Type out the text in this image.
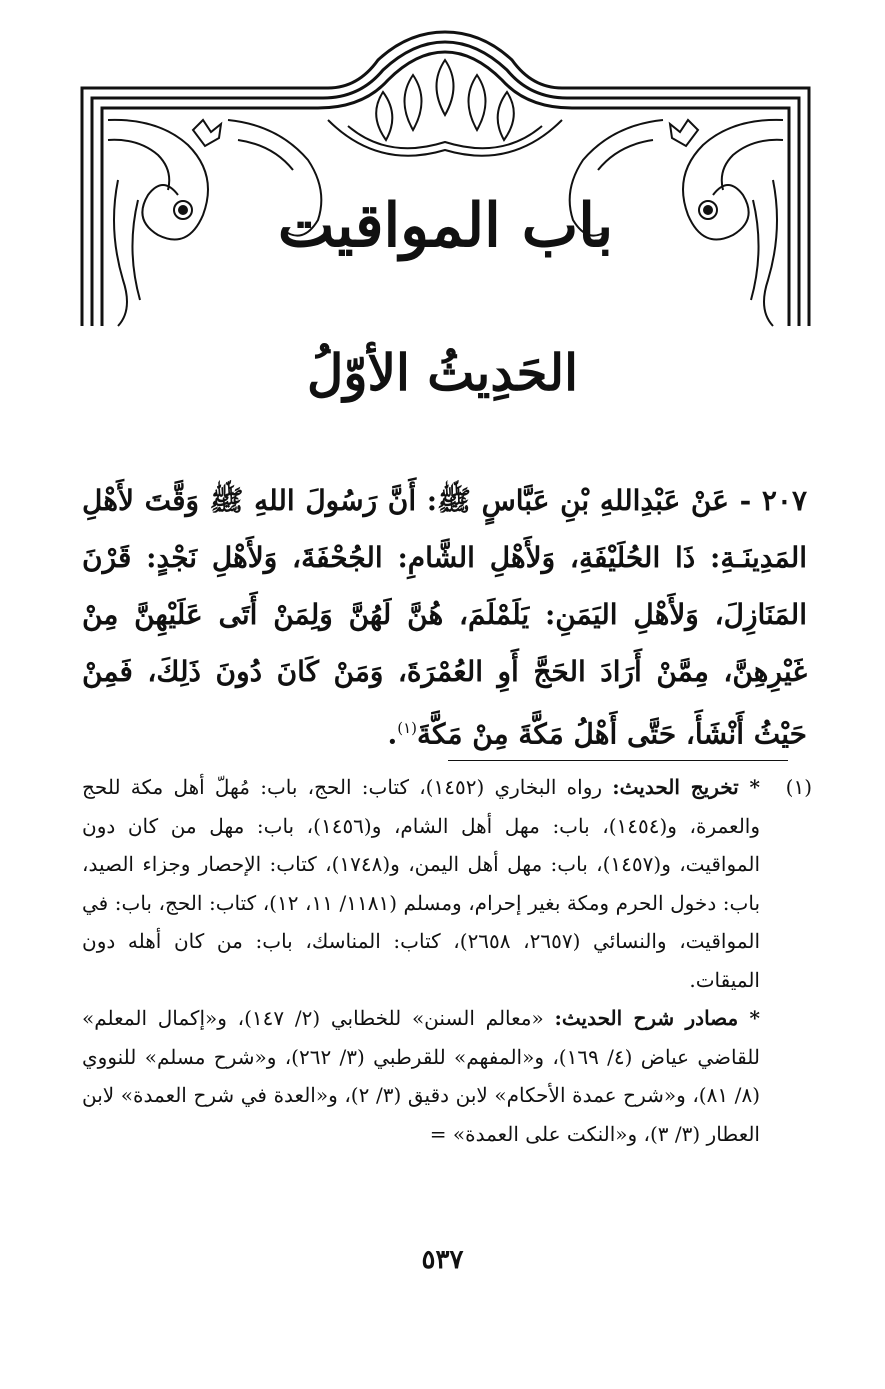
باب المواقيت
الحَدِيثُ الأوّلُ

٢٠٧ - عَنْ عَبْدِاللهِ بْنِ عَبَّاسٍ ﷺ: أَنَّ رَسُولَ اللهِ ﷺ وَقَّتَ لأَهْلِ المَدِينَـةِ: ذَا الحُلَيْفَةِ، وَلأَهْلِ الشَّامِ: الجُحْفَةَ، وَلأَهْلِ نَجْدٍ: قَرْنَ المَنَازِلَ، وَلأَهْلِ اليَمَنِ: يَلَمْلَمَ، هُنَّ لَهُنَّ وَلِمَنْ أَتَى عَلَيْهِنَّ مِنْ غَيْرِهِنَّ، مِمَّنْ أَرَادَ الحَجَّ أَوِ العُمْرَةَ، وَمَنْ كَانَ دُونَ ذَلِكَ، فَمِنْ حَيْثُ أَنْشَأَ، حَتَّى أَهْلُ مَكَّةَ مِنْ مَكَّةَ$^{(١)}$.

(١)

* تخريج الحديث: رواه البخاري (١٤٥٢)، كتاب: الحج، باب: مُهلّ أهل مكة للحج والعمرة، و(١٤٥٤)، باب: مهل أهل الشام، و(١٤٥٦)، باب: مهل من كان دون المواقيت، و(١٤٥٧)، باب: مهل أهل اليمن، و(١٧٤٨)، كتاب: الإحصار وجزاء الصيد، باب: دخول الحرم ومكة بغير إحرام، ومسلم (١١٨١/ ١١، ١٢)، كتاب: الحج، باب: في المواقيت، والنسائي (٢٦٥٧، ٢٦٥٨)، كتاب: المناسك، باب: من كان أهله دون الميقات.

* مصادر شرح الحديث: «معالم السنن» للخطابي (٢/ ١٤٧)، و«إكمال المعلم» للقاضي عياض (٤/ ١٦٩)، و«المفهم» للقرطبي (٣/ ٢٦٢)، و«شرح مسلم» للنووي (٨/ ٨١)، و«شرح عمدة الأحكام» لابن دقيق (٣/ ٢)، و«العدة في شرح العمدة» لابن العطار (٣/ ٣)، و«النكت على العمدة» =

٥٣٧
